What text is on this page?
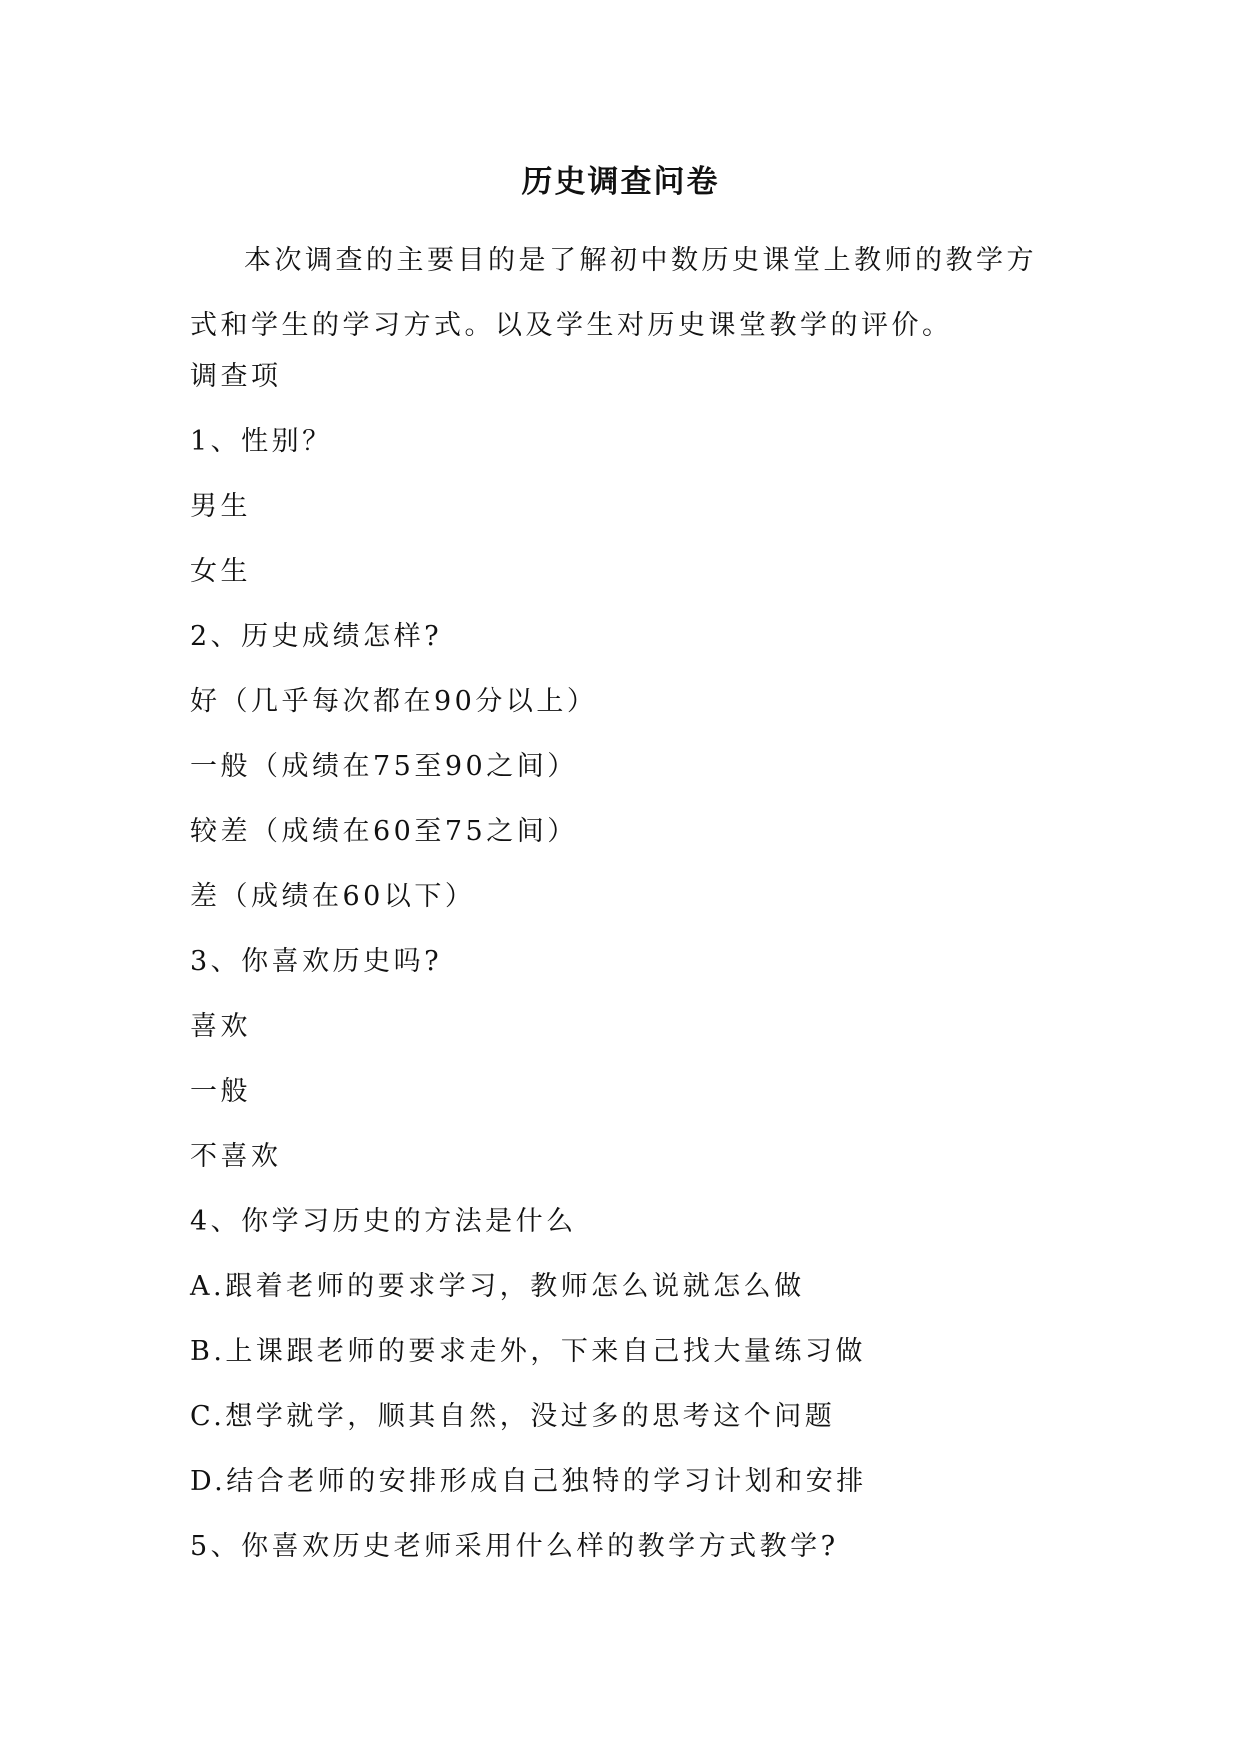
历史调查问卷

本次调查的主要目的是了解初中数历史课堂上教师的教学方式和学生的学习方式。以及学生对历史课堂教学的评价。

调查项
1、性别？
男生
女生
2、历史成绩怎样?
好（几乎每次都在90分以上）
一般（成绩在75至90之间）
较差（成绩在60至75之间）
差（成绩在60以下）
3、你喜欢历史吗?
喜欢
一般
不喜欢
4、你学习历史的方法是什么
A.跟着老师的要求学习，教师怎么说就怎么做
B.上课跟老师的要求走外，下来自己找大量练习做
C.想学就学，顺其自然，没过多的思考这个问题
D.结合老师的安排形成自己独特的学习计划和安排
5、你喜欢历史老师采用什么样的教学方式教学?
